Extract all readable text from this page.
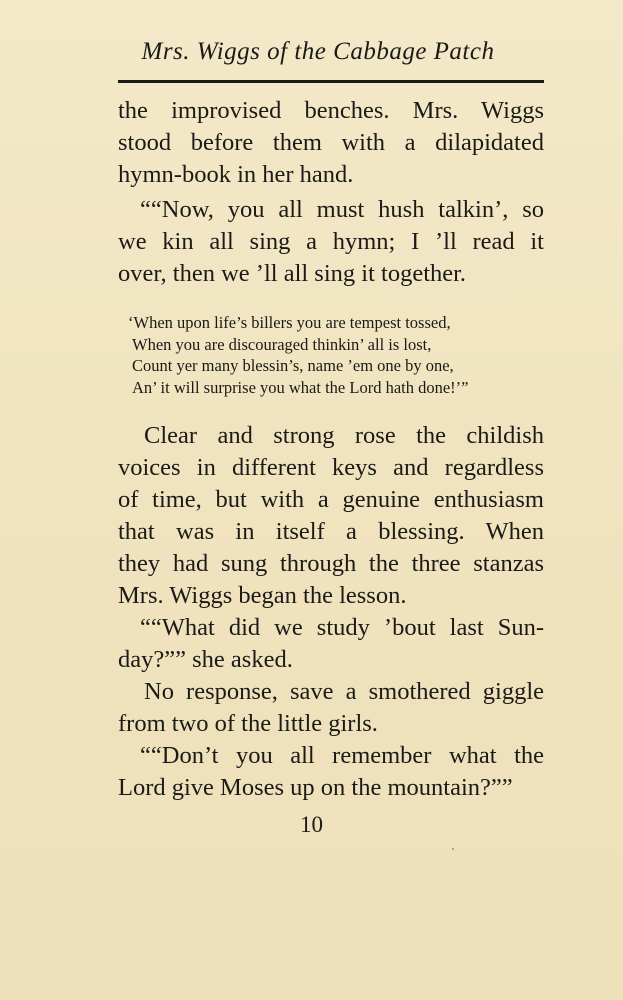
Mrs. Wiggs of the Cabbage Patch
the improvised benches. Mrs. Wiggs
stood before them with a dilapidated
hymn-book in her hand.
““Now, you all must hush talkin’, so
we kin all sing a hymn; I ’ll read it
over, then we ’ll all sing it together.
‘When upon life’s billers you are tempest tossed,
When you are discouraged thinkin’ all is lost,
Count yer many blessin’s, name ’em one by one,
An’ it will surprise you what the Lord hath done!’”
Clear and strong rose the childish
voices in different keys and regardless
of time, but with a genuine enthusiasm
that was in itself a blessing. When
they had sung through the three stanzas
Mrs. Wiggs began the lesson.
““What did we study ’bout last Sun-
day?”” she asked.
No response, save a smothered giggle
from two of the little girls.
““Don’t you all remember what the
Lord give Moses up on the mountain?””
10
